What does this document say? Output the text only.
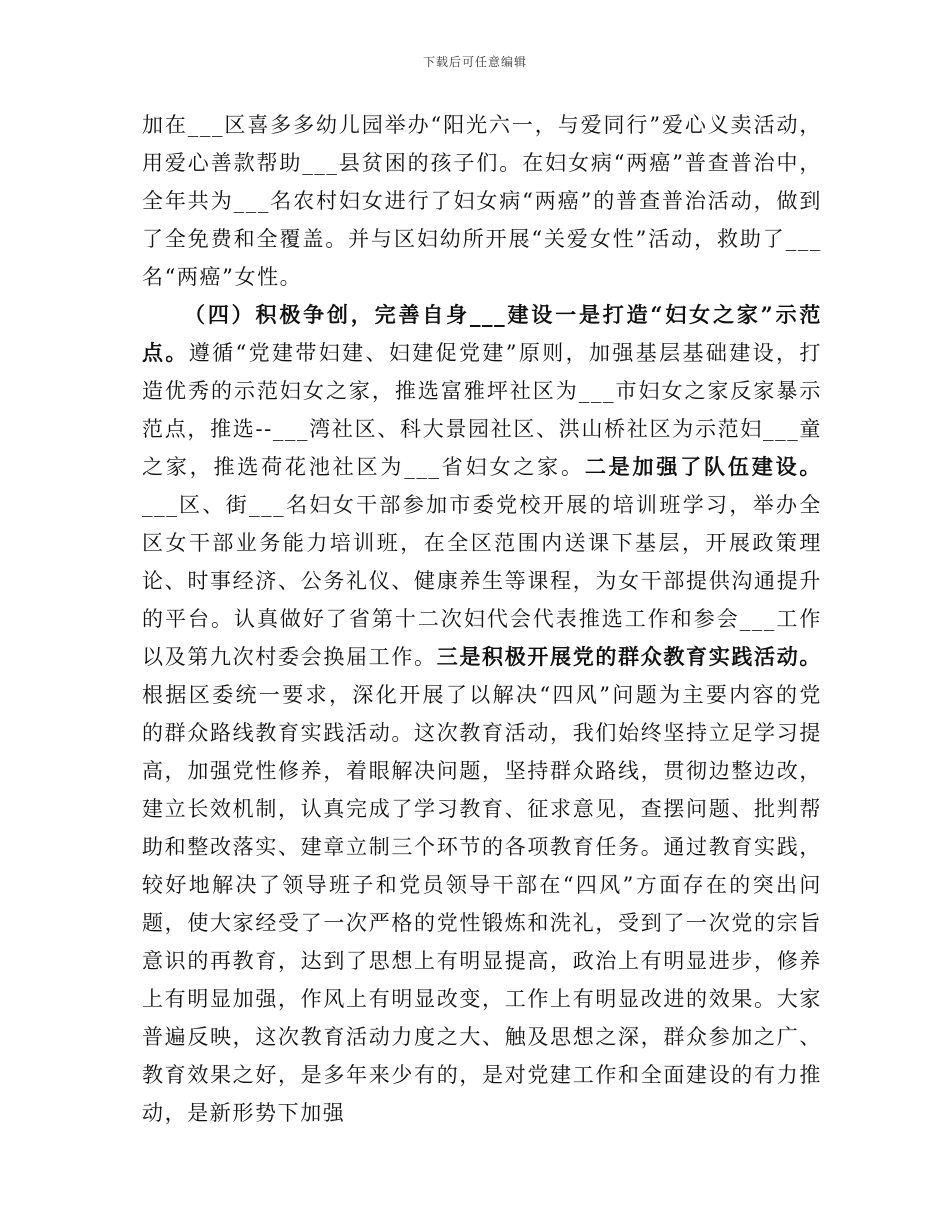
下载后可任意编辑

加在___区喜多多幼儿园举办“阳光六一，与爱同行”爱心义卖活动，用爱心善款帮助___县贫困的孩子们。在妇女病“两癌”普查普治中，全年共为___名农村妇女进行了妇女病“两癌”的普查普治活动，做到了全免费和全覆盖。并与区妇幼所开展“关爱女性”活动，救助了___名“两癌”女性。

（四）积极争创，完善自身___建设一是打造“妇女之家”示范点。遵循“党建带妇建、妇建促党建”原则，加强基层基础建设，打造优秀的示范妇女之家，推选富雅坪社区为___市妇女之家反家暴示范点，推选--___湾社区、科大景园社区、洪山桥社区为示范妇___童之家，推选荷花池社区为___省妇女之家。二是加强了队伍建设。___区、街___名妇女干部参加市委党校开展的培训班学习，举办全区女干部业务能力培训班，在全区范围内送课下基层，开展政策理论、时事经济、公务礼仪、健康养生等课程，为女干部提供沟通提升的平台。认真做好了省第十二次妇代会代表推选工作和参会___工作以及第九次村委会换届工作。三是积极开展党的群众教育实践活动。根据区委统一要求，深化开展了以解决“四风”问题为主要内容的党的群众路线教育实践活动。这次教育活动，我们始终坚持立足学习提高，加强党性修养，着眼解决问题，坚持群众路线，贯彻边整边改，建立长效机制，认真完成了学习教育、征求意见，查摆问题、批判帮助和整改落实、建章立制三个环节的各项教育任务。通过教育实践，较好地解决了领导班子和党员领导干部在“四风”方面存在的突出问题，使大家经受了一次严格的党性锻炼和洗礼，受到了一次党的宗旨意识的再教育，达到了思想上有明显提高，政治上有明显进步，修养上有明显加强，作风上有明显改变，工作上有明显改进的效果。大家普遍反映，这次教育活动力度之大、触及思想之深，群众参加之广、教育效果之好，是多年来少有的，是对党建工作和全面建设的有力推动，是新形势下加强
